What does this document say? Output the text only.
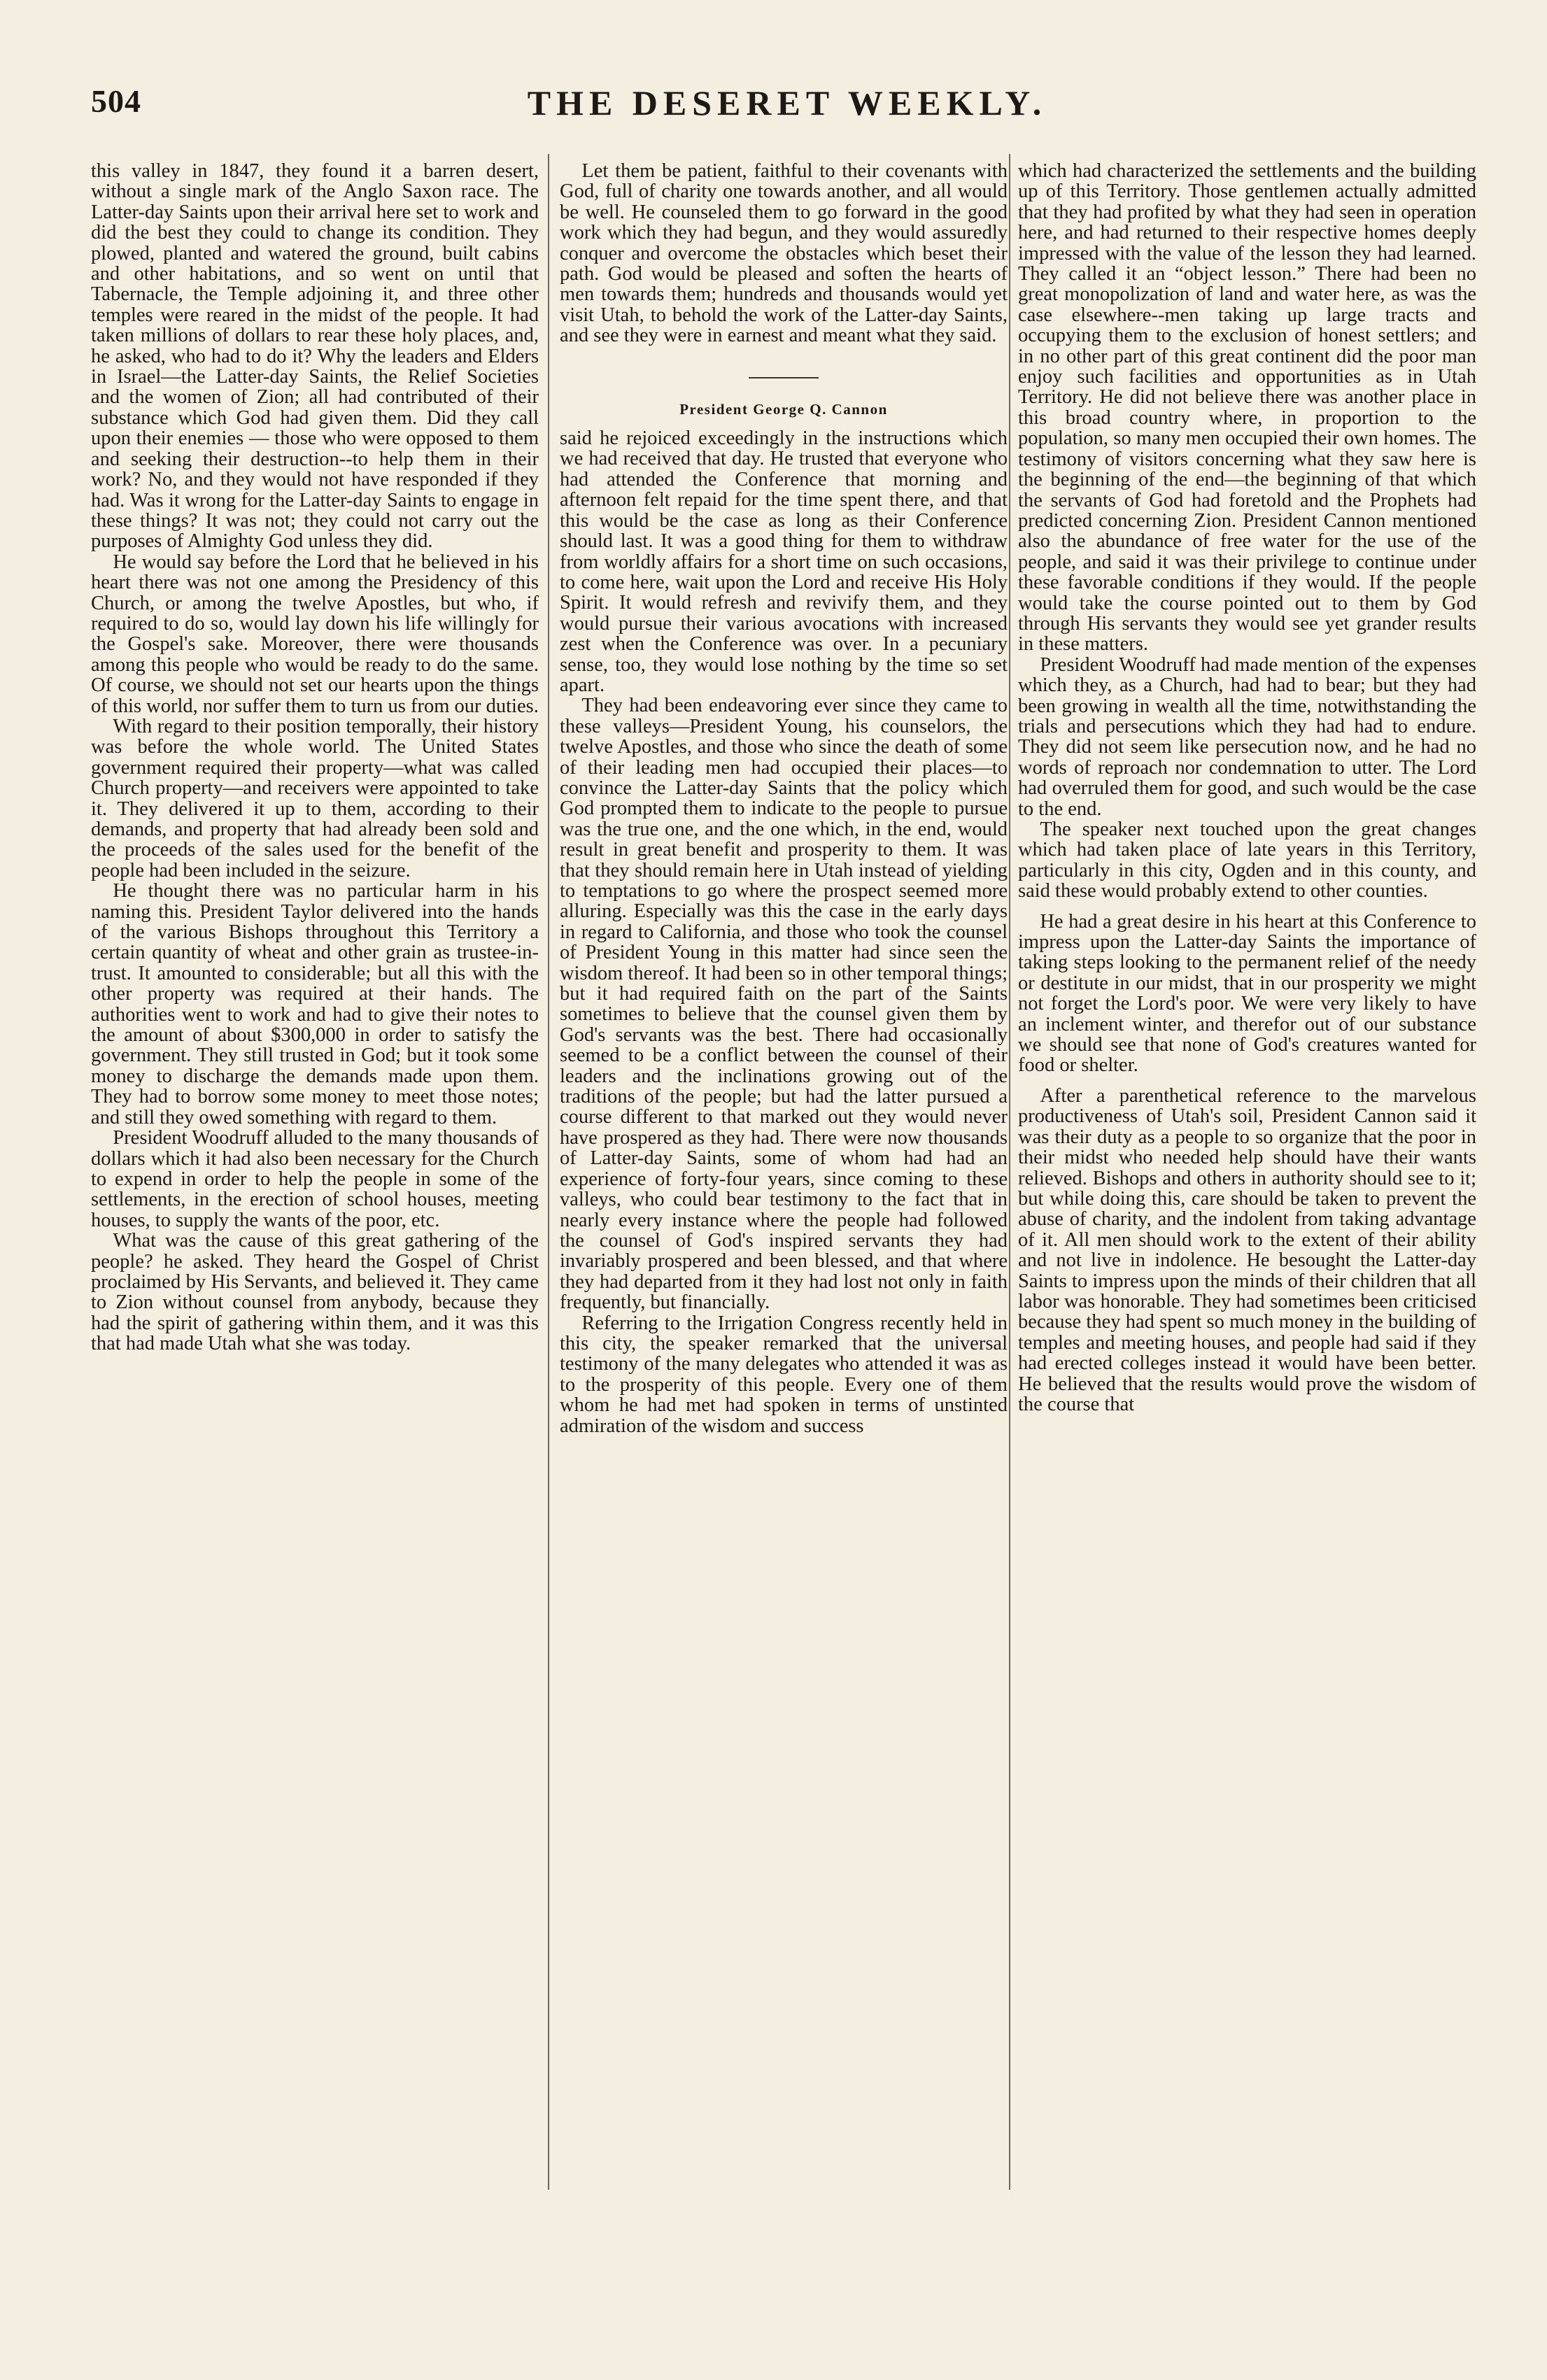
504	THE DESERET WEEKLY.

this valley in 1847, they found it a barren desert, without a single mark of the Anglo Saxon race. The Latter-day Saints upon their arrival here set to work and did the best they could to change its condition. They plowed, planted and watered the ground, built cabins and other habitations, and so went on until that Tabernacle, the Temple adjoining it, and three other temples were reared in the midst of the people. It had taken millions of dollars to rear these holy places, and, he asked, who had to do it? Why the leaders and Elders in Israel—the Latter-day Saints, the Relief Societies and the women of Zion; all had contributed of their substance which God had given them. Did they call upon their enemies — those who were opposed to them and seeking their destruction--to help them in their work? No, and they would not have responded if they had. Was it wrong for the Latter-day Saints to engage in these things? It was not; they could not carry out the purposes of Almighty God unless they did.

He would say before the Lord that he believed in his heart there was not one among the Presidency of this Church, or among the twelve Apostles, but who, if required to do so, would lay down his life willingly for the Gospel's sake. Moreover, there were thousands among this people who would be ready to do the same. Of course, we should not set our hearts upon the things of this world, nor suffer them to turn us from our duties.

With regard to their position temporally, their history was before the whole world. The United States government required their property—what was called Church property—and receivers were appointed to take it. They delivered it up to them, according to their demands, and property that had already been sold and the proceeds of the sales used for the benefit of the people had been included in the seizure.

He thought there was no particular harm in his naming this. President Taylor delivered into the hands of the various Bishops throughout this Territory a certain quantity of wheat and other grain as trustee-in-trust. It amounted to considerable; but all this with the other property was required at their hands. The authorities went to work and had to give their notes to the amount of about $300,000 in order to satisfy the government. They still trusted in God; but it took some money to discharge the demands made upon them. They had to borrow some money to meet those notes; and still they owed something with regard to them.

President Woodruff alluded to the many thousands of dollars which it had also been necessary for the Church to expend in order to help the people in some of the settlements, in the erection of school houses, meeting houses, to supply the wants of the poor, etc.

What was the cause of this great gathering of the people? he asked. They heard the Gospel of Christ proclaimed by His Servants, and believed it. They came to Zion without counsel from anybody, because they had the spirit of gathering within them, and it was this that had made Utah what she was today.

Let them be patient, faithful to their covenants with God, full of charity one towards another, and all would be well. He counseled them to go forward in the good work which they had begun, and they would assuredly conquer and overcome the obstacles which beset their path. God would be pleased and soften the hearts of men towards them; hundreds and thousands would yet visit Utah, to behold the work of the Latter-day Saints, and see they were in earnest and meant what they said.

President George Q. Cannon

said he rejoiced exceedingly in the instructions which we had received that day. He trusted that everyone who had attended the Conference that morning and afternoon felt repaid for the time spent there, and that this would be the case as long as their Conference should last. It was a good thing for them to withdraw from worldly affairs for a short time on such occasions, to come here, wait upon the Lord and receive His Holy Spirit. It would refresh and revivify them, and they would pursue their various avocations with increased zest when the Conference was over. In a pecuniary sense, too, they would lose nothing by the time so set apart.

They had been endeavoring ever since they came to these valleys—President Young, his counselors, the twelve Apostles, and those who since the death of some of their leading men had occupied their places—to convince the Latter-day Saints that the policy which God prompted them to indicate to the people to pursue was the true one, and the one which, in the end, would result in great benefit and prosperity to them. It was that they should remain here in Utah instead of yielding to temptations to go where the prospect seemed more alluring. Especially was this the case in the early days in regard to California, and those who took the counsel of President Young in this matter had since seen the wisdom thereof. It had been so in other temporal things; but it had required faith on the part of the Saints sometimes to believe that the counsel given them by God's servants was the best. There had occasionally seemed to be a conflict between the counsel of their leaders and the inclinations growing out of the traditions of the people; but had the latter pursued a course different to that marked out they would never have prospered as they had. There were now thousands of Latter-day Saints, some of whom had had an experience of forty-four years, since coming to these valleys, who could bear testimony to the fact that in nearly every instance where the people had followed the counsel of God's inspired servants they had invariably prospered and been blessed, and that where they had departed from it they had lost not only in faith frequently, but financially.

Referring to the Irrigation Congress recently held in this city, the speaker remarked that the universal testimony of the many delegates who attended it was as to the prosperity of this people. Every one of them whom he had met had spoken in terms of unstinted admiration of the wisdom and success

which had characterized the settlements and the building up of this Territory. Those gentlemen actually admitted that they had profited by what they had seen in operation here, and had returned to their respective homes deeply impressed with the value of the lesson they had learned. They called it an “object lesson.” There had been no great monopolization of land and water here, as was the case elsewhere--men taking up large tracts and occupying them to the exclusion of honest settlers; and in no other part of this great continent did the poor man enjoy such facilities and opportunities as in Utah Territory. He did not believe there was another place in this broad country where, in proportion to the population, so many men occupied their own homes. The testimony of visitors concerning what they saw here is the beginning of the end—the beginning of that which the servants of God had foretold and the Prophets had predicted concerning Zion. President Cannon mentioned also the abundance of free water for the use of the people, and said it was their privilege to continue under these favorable conditions if they would. If the people would take the course pointed out to them by God through His servants they would see yet grander results in these matters.

President Woodruff had made mention of the expenses which they, as a Church, had had to bear; but they had been growing in wealth all the time, notwithstanding the trials and persecutions which they had had to endure. They did not seem like persecution now, and he had no words of reproach nor condemnation to utter. The Lord had overruled them for good, and such would be the case to the end.

The speaker next touched upon the great changes which had taken place of late years in this Territory, particularly in this city, Ogden and in this county, and said these would probably extend to other counties.

He had a great desire in his heart at this Conference to impress upon the Latter-day Saints the importance of taking steps looking to the permanent relief of the needy or destitute in our midst, that in our prosperity we might not forget the Lord's poor. We were very likely to have an inclement winter, and therefor out of our substance we should see that none of God's creatures wanted for food or shelter.

After a parenthetical reference to the marvelous productiveness of Utah's soil, President Cannon said it was their duty as a people to so organize that the poor in their midst who needed help should have their wants relieved. Bishops and others in authority should see to it; but while doing this, care should be taken to prevent the abuse of charity, and the indolent from taking advantage of it. All men should work to the extent of their ability and not live in indolence. He besought the Latter-day Saints to impress upon the minds of their children that all labor was honorable. They had sometimes been criticised because they had spent so much money in the building of temples and meeting houses, and people had said if they had erected colleges instead it would have been better. He believed that the results would prove the wisdom of the course that
